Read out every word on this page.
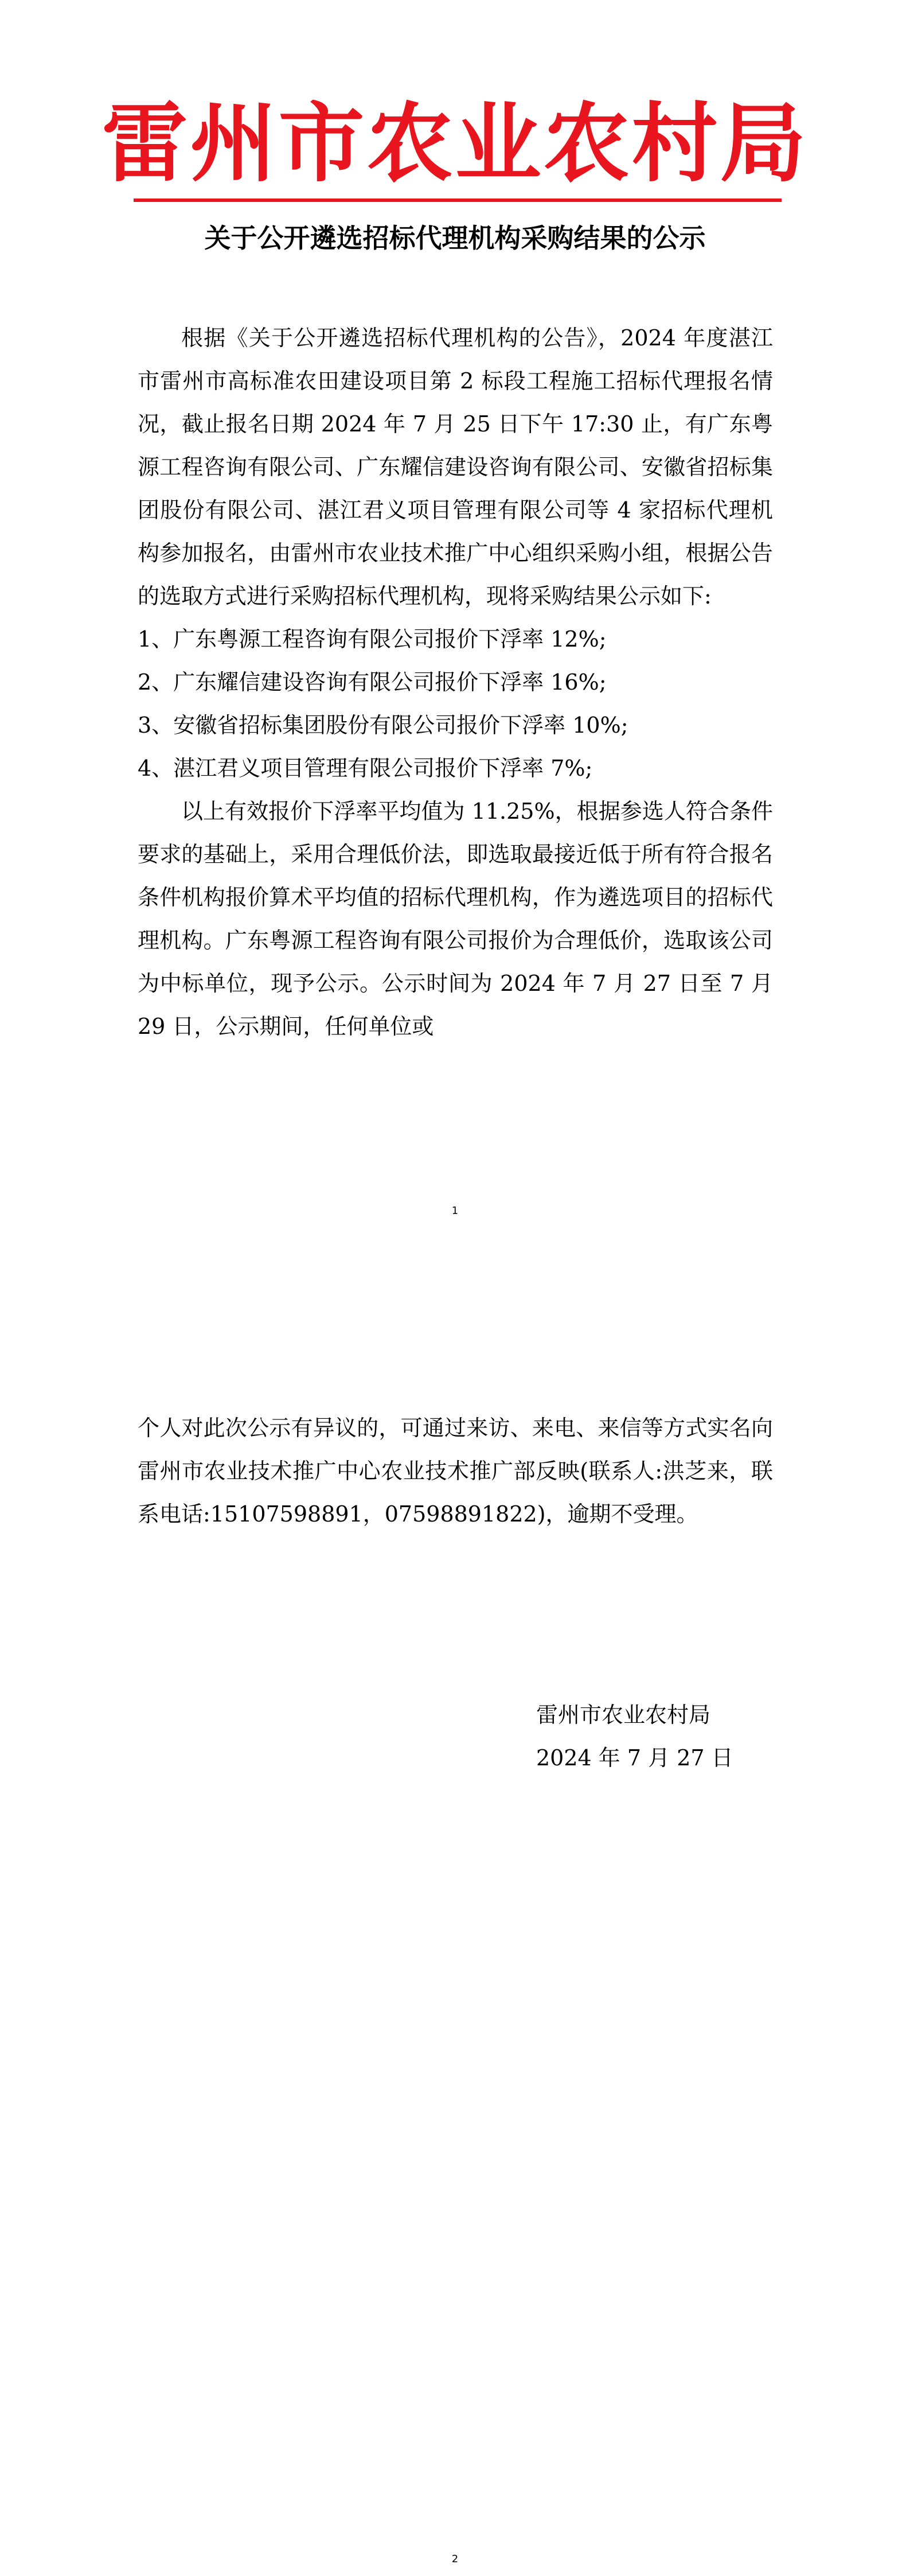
雷州市农业农村局
关于公开遴选招标代理机构采购结果的公示

根据《关于公开遴选招标代理机构的公告》，2024 年度湛江市雷州市高标准农田建设项目第 2 标段工程施工招标代理报名情况，截止报名日期 2024 年 7 月 25 日下午 17:30 止，有广东粤源工程咨询有限公司、广东耀信建设咨询有限公司、安徽省招标集团股份有限公司、湛江君义项目管理有限公司等 4 家招标代理机构参加报名，由雷州市农业技术推广中心组织采购小组，根据公告的选取方式进行采购招标代理机构，现将采购结果公示如下:

1、广东粤源工程咨询有限公司报价下浮率 12%;

2、广东耀信建设咨询有限公司报价下浮率 16%;

3、安徽省招标集团股份有限公司报价下浮率 10%;

4、湛江君义项目管理有限公司报价下浮率 7%;

以上有效报价下浮率平均值为 11.25%，根据参选人符合条件要求的基础上，采用合理低价法，即选取最接近低于所有符合报名条件机构报价算术平均值的招标代理机构，作为遴选项目的招标代理机构。广东粤源工程咨询有限公司报价为合理低价，选取该公司为中标单位，现予公示。公示时间为 2024 年 7 月 27 日至 7 月 29 日，公示期间，任何单位或

1

个人对此次公示有异议的，可通过来访、来电、来信等方式实名向雷州市农业技术推广中心农业技术推广部反映(联系人:洪芝来，联系电话:15107598891，07598891822)，逾期不受理。

雷州市农业农村局
2024 年 7 月 27 日
2
